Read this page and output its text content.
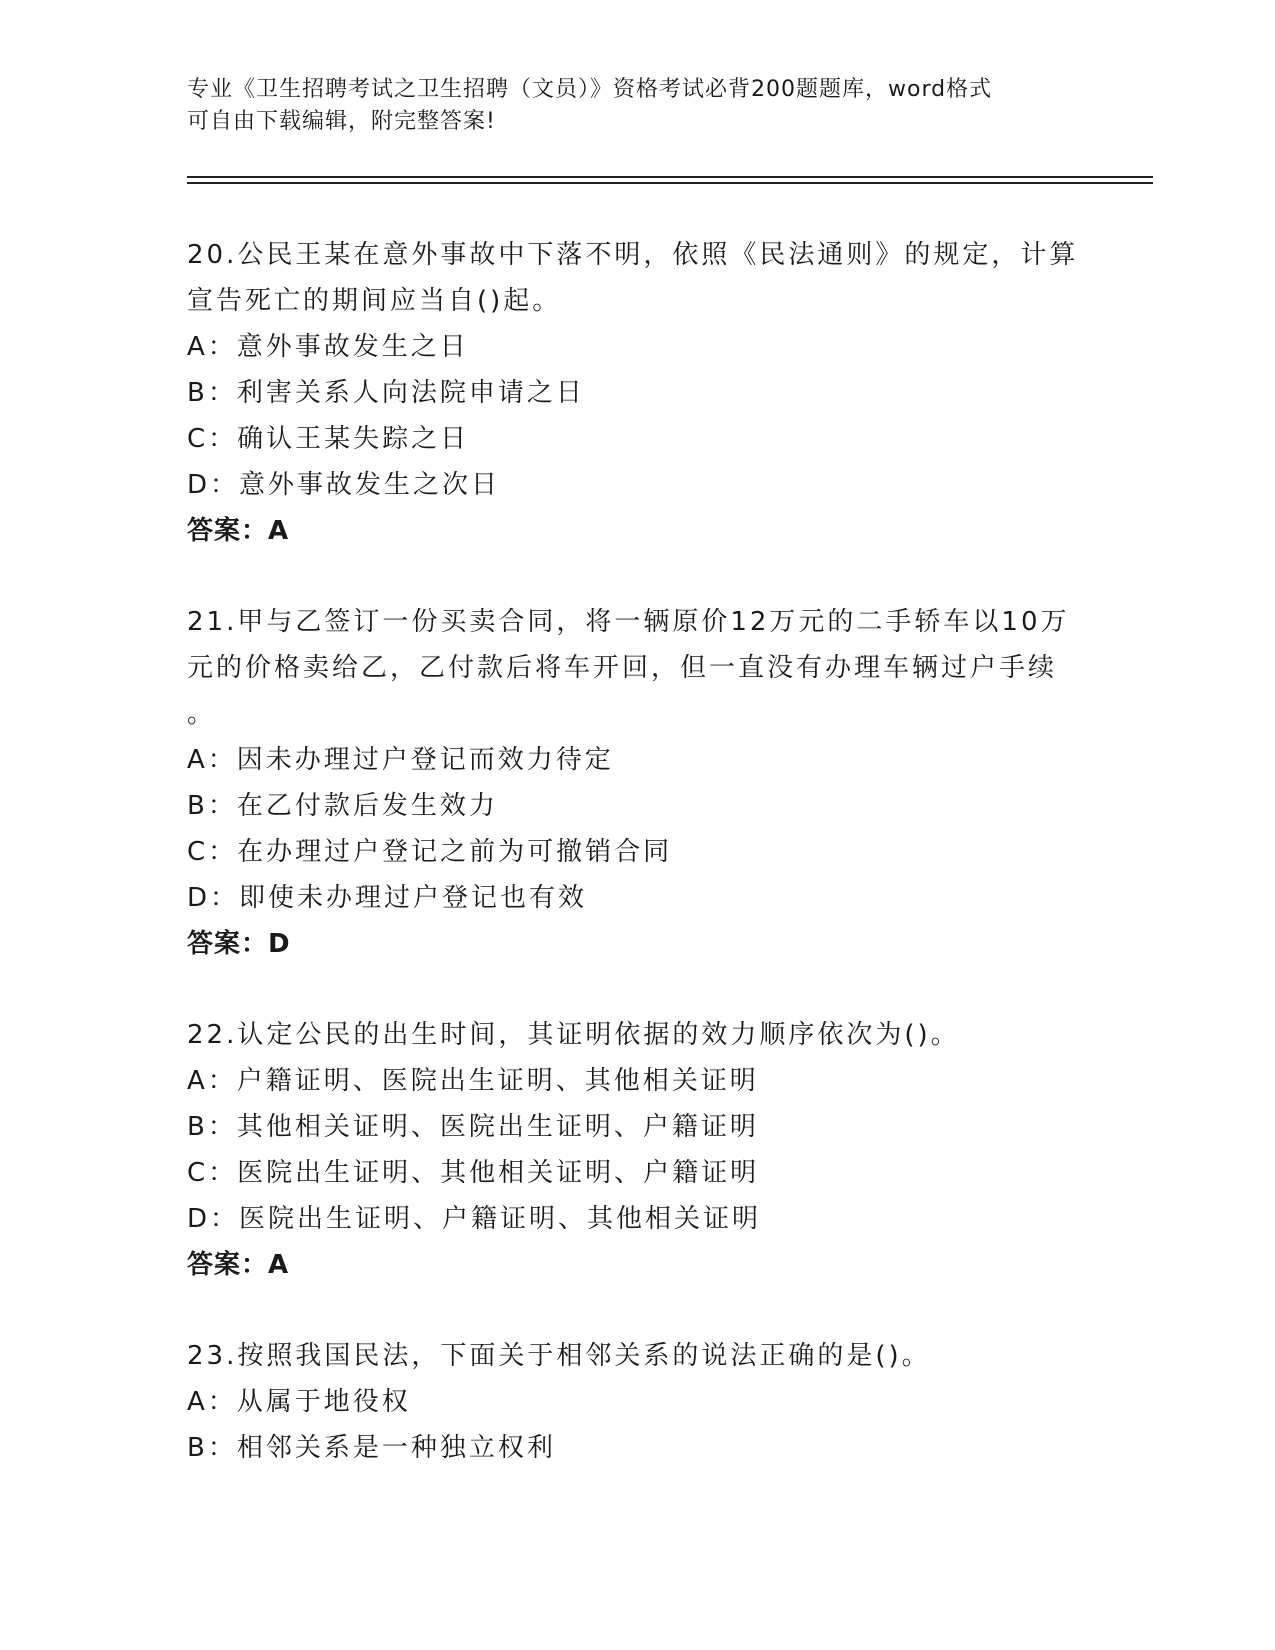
专业《卫生招聘考试之卫生招聘（文员）》资格考试必背200题题库，word格式
可自由下载编辑，附完整答案!
20.公民王某在意外事故中下落不明，依照《民法通则》的规定，计算
宣告死亡的期间应当自()起。
A：意外事故发生之日
B：利害关系人向法院申请之日
C：确认王某失踪之日
D：意外事故发生之次日
答案：A
21.甲与乙签订一份买卖合同，将一辆原价12万元的二手轿车以10万
元的价格卖给乙，乙付款后将车开回，但一直没有办理车辆过户手续
。
A：因未办理过户登记而效力待定
B：在乙付款后发生效力
C：在办理过户登记之前为可撤销合同
D：即使未办理过户登记也有效
答案：D
22.认定公民的出生时间，其证明依据的效力顺序依次为()。
A：户籍证明、医院出生证明、其他相关证明
B：其他相关证明、医院出生证明、户籍证明
C：医院出生证明、其他相关证明、户籍证明
D：医院出生证明、户籍证明、其他相关证明
答案：A
23.按照我国民法，下面关于相邻关系的说法正确的是()。
A：从属于地役权
B：相邻关系是一种独立权利
